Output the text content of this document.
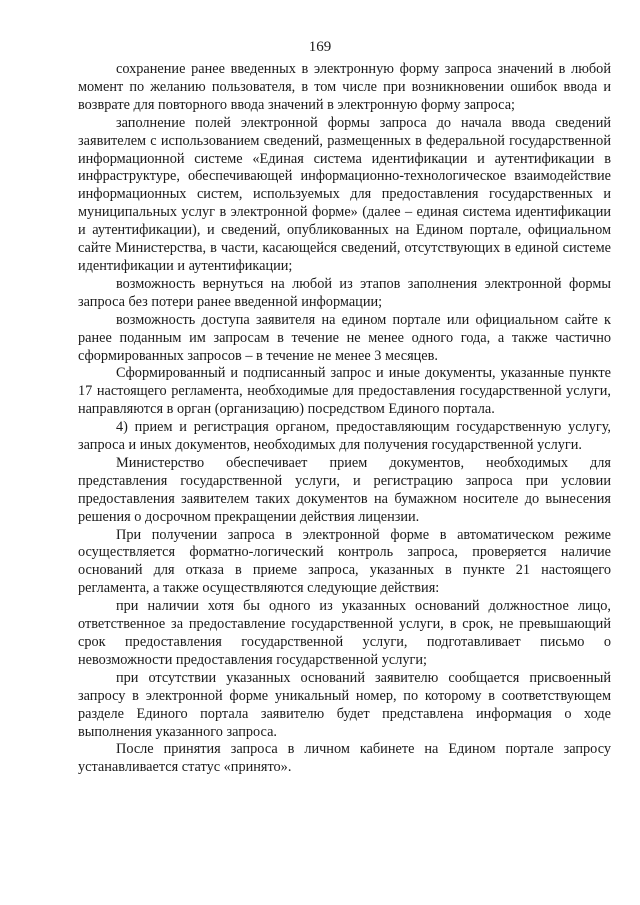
169

сохранение ранее введенных в электронную форму запроса значений в любой момент по желанию пользователя, в том числе при возникновении ошибок ввода и возврате для повторного ввода значений в электронную форму запроса;

заполнение полей электронной формы запроса до начала ввода сведений заявителем с использованием сведений, размещенных в федеральной государственной информационной системе «Единая система идентификации и аутентификации в инфраструктуре, обеспечивающей информационно-технологическое взаимодействие информационных систем, используемых для предоставления государственных и муниципальных услуг в электронной форме» (далее – единая система идентификации и аутентификации), и сведений, опубликованных на Едином портале, официальном сайте Министерства, в части, касающейся сведений, отсутствующих в единой системе идентификации и аутентификации;

возможность вернуться на любой из этапов заполнения электронной формы запроса без потери ранее введенной информации;

возможность доступа заявителя на едином портале или официальном сайте к ранее поданным им запросам в течение не менее одного года, а также частично сформированных запросов – в течение не менее 3 месяцев.

Сформированный и подписанный запрос и иные документы, указанные пункте 17 настоящего регламента, необходимые для предоставления государственной услуги, направляются в орган (организацию) посредством Единого портала.

4) прием и регистрация органом, предоставляющим государственную услугу, запроса и иных документов, необходимых для получения государственной услуги.

Министерство обеспечивает прием документов, необходимых для представления государственной услуги, и регистрацию запроса при условии предоставления заявителем таких документов на бумажном носителе до вынесения решения о досрочном прекращении действия лицензии.

При получении запроса в электронной форме в автоматическом режиме осуществляется форматно-логический контроль запроса, проверяется наличие оснований для отказа в приеме запроса, указанных в пункте 21 настоящего регламента, а также осуществляются следующие действия:

при наличии хотя бы одного из указанных оснований должностное лицо, ответственное за предоставление государственной услуги, в срок, не превышающий срок предоставления государственной услуги, подготавливает письмо о невозможности предоставления государственной услуги;

при отсутствии указанных оснований заявителю сообщается присвоенный запросу в электронной форме уникальный номер, по которому в соответствующем разделе Единого портала заявителю будет представлена информация о ходе выполнения указанного запроса.

После принятия запроса в личном кабинете на Едином портале запросу устанавливается статус «принято».
